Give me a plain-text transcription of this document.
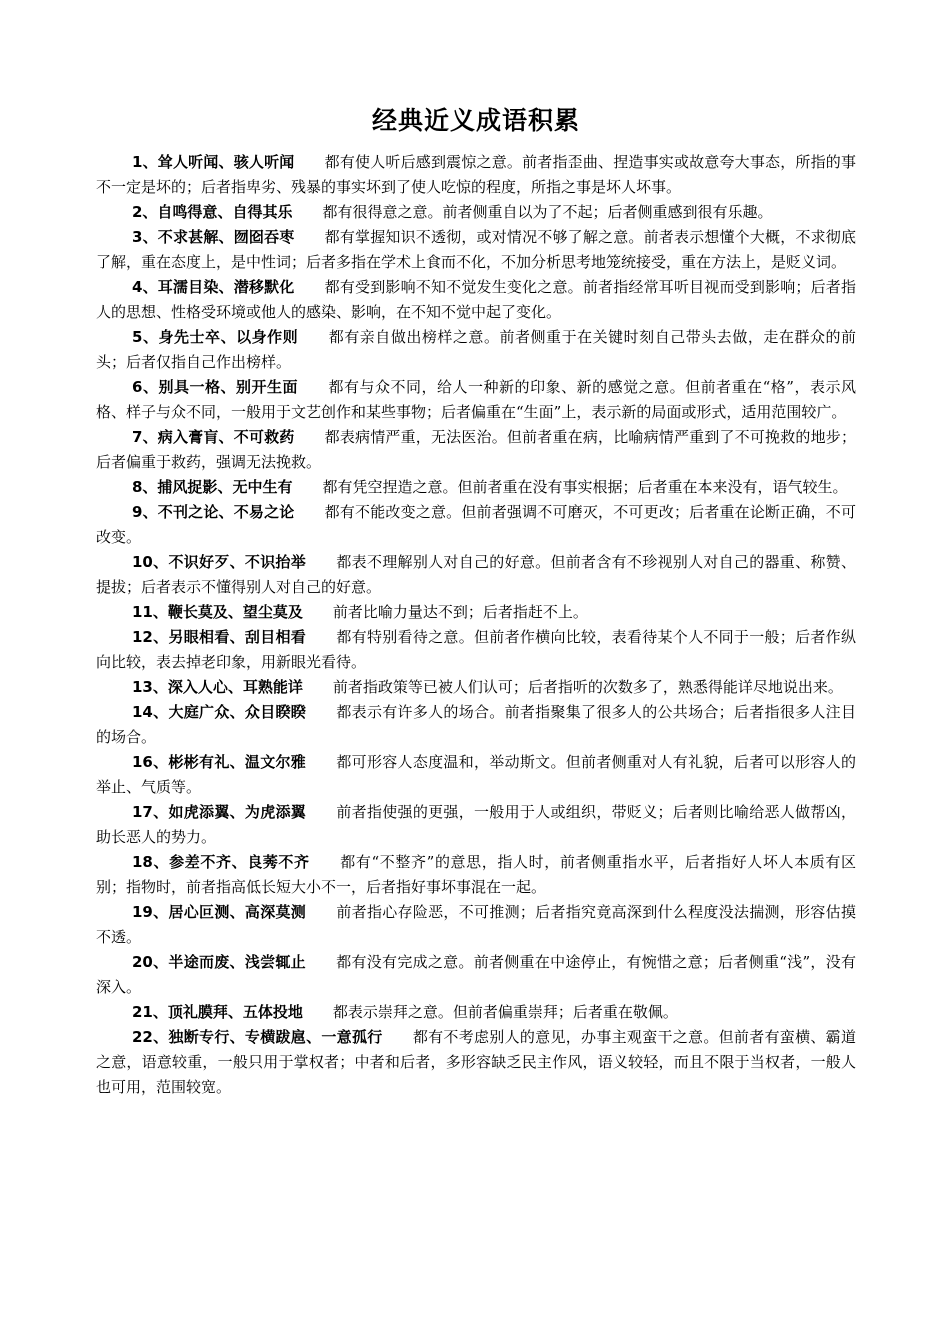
经典近义成语积累

1、耸人听闻、骇人听闻 都有使人听后感到震惊之意。前者指歪曲、捏造事实或故意夸大事态，所指的事不一定是坏的；后者指卑劣、残暴的事实坏到了使人吃惊的程度，所指之事是坏人坏事。

2、自鸣得意、自得其乐 都有很得意之意。前者侧重自以为了不起；后者侧重感到很有乐趣。

3、不求甚解、囫囵吞枣 都有掌握知识不透彻，或对情况不够了解之意。前者表示想懂个大概，不求彻底了解，重在态度上，是中性词；后者多指在学术上食而不化，不加分析思考地笼统接受，重在方法上，是贬义词。

4、耳濡目染、潜移默化 都有受到影响不知不觉发生变化之意。前者指经常耳听目视而受到影响；后者指人的思想、性格受环境或他人的感染、影响，在不知不觉中起了变化。

5、身先士卒、以身作则 都有亲自做出榜样之意。前者侧重于在关键时刻自己带头去做，走在群众的前头；后者仅指自己作出榜样。

6、别具一格、别开生面 都有与众不同，给人一种新的印象、新的感觉之意。但前者重在“格”，表示风格、样子与众不同，一般用于文艺创作和某些事物；后者偏重在“生面”上，表示新的局面或形式，适用范围较广。

7、病入膏肓、不可救药 都表病情严重，无法医治。但前者重在病，比喻病情严重到了不可挽救的地步；后者偏重于救药，强调无法挽救。

8、捕风捉影、无中生有 都有凭空捏造之意。但前者重在没有事实根据；后者重在本来没有，语气较生。

9、不刊之论、不易之论 都有不能改变之意。但前者强调不可磨灭，不可更改；后者重在论断正确，不可改变。

10、不识好歹、不识抬举 都表不理解别人对自己的好意。但前者含有不珍视别人对自己的器重、称赞、提拔；后者表示不懂得别人对自己的好意。

11、鞭长莫及、望尘莫及 前者比喻力量达不到；后者指赶不上。

12、另眼相看、刮目相看 都有特别看待之意。但前者作横向比较，表看待某个人不同于一般；后者作纵向比较，表去掉老印象，用新眼光看待。

13、深入人心、耳熟能详 前者指政策等已被人们认可；后者指听的次数多了，熟悉得能详尽地说出来。

14、大庭广众、众目睽睽 都表示有许多人的场合。前者指聚集了很多人的公共场合；后者指很多人注目的场合。

16、彬彬有礼、温文尔雅 都可形容人态度温和，举动斯文。但前者侧重对人有礼貌，后者可以形容人的举止、气质等。

17、如虎添翼、为虎添翼 前者指使强的更强，一般用于人或组织，带贬义；后者则比喻给恶人做帮凶，助长恶人的势力。

18、参差不齐、良莠不齐 都有“不整齐”的意思，指人时，前者侧重指水平，后者指好人坏人本质有区别；指物时，前者指高低长短大小不一，后者指好事坏事混在一起。

19、居心叵测、高深莫测 前者指心存险恶，不可推测；后者指究竟高深到什么程度没法揣测，形容估摸不透。

20、半途而废、浅尝辄止 都有没有完成之意。前者侧重在中途停止，有惋惜之意；后者侧重“浅”，没有深入。

21、顶礼膜拜、五体投地 都表示崇拜之意。但前者偏重崇拜；后者重在敬佩。

22、独断专行、专横跋扈、一意孤行 都有不考虑别人的意见，办事主观蛮干之意。但前者有蛮横、霸道之意，语意较重，一般只用于掌权者；中者和后者，多形容缺乏民主作风，语义较轻，而且不限于当权者，一般人也可用，范围较宽。
